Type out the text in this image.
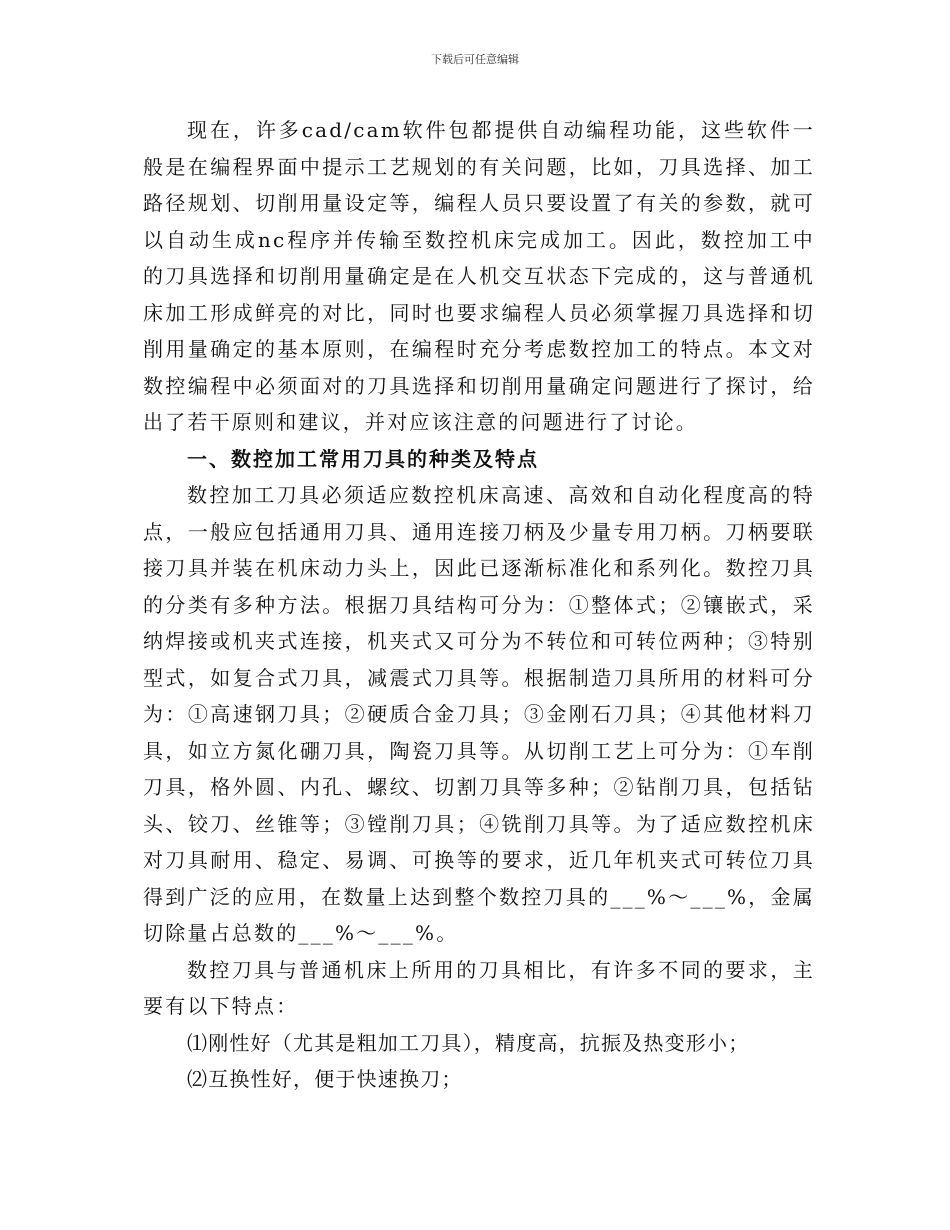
下载后可任意编辑

现在，许多cad/cam软件包都提供自动编程功能，这些软件一般是在编程界面中提示工艺规划的有关问题，比如，刀具选择、加工路径规划、切削用量设定等，编程人员只要设置了有关的参数，就可以自动生成nc程序并传输至数控机床完成加工。因此，数控加工中的刀具选择和切削用量确定是在人机交互状态下完成的，这与普通机床加工形成鲜亮的对比，同时也要求编程人员必须掌握刀具选择和切削用量确定的基本原则，在编程时充分考虑数控加工的特点。本文对数控编程中必须面对的刀具选择和切削用量确定问题进行了探讨，给出了若干原则和建议，并对应该注意的问题进行了讨论。

一、数控加工常用刀具的种类及特点

数控加工刀具必须适应数控机床高速、高效和自动化程度高的特点，一般应包括通用刀具、通用连接刀柄及少量专用刀柄。刀柄要联接刀具并装在机床动力头上，因此已逐渐标准化和系列化。数控刀具的分类有多种方法。根据刀具结构可分为：①整体式；②镶嵌式，采纳焊接或机夹式连接，机夹式又可分为不转位和可转位两种；③特别型式，如复合式刀具，减震式刀具等。根据制造刀具所用的材料可分为：①高速钢刀具；②硬质合金刀具；③金刚石刀具；④其他材料刀具，如立方氮化硼刀具，陶瓷刀具等。从切削工艺上可分为：①车削刀具，格外圆、内孔、螺纹、切割刀具等多种；②钻削刀具，包括钻头、铰刀、丝锥等；③镗削刀具；④铣削刀具等。为了适应数控机床对刀具耐用、稳定、易调、可换等的要求，近几年机夹式可转位刀具得到广泛的应用，在数量上达到整个数控刀具的___%～___%，金属切除量占总数的___%～___%。

数控刀具与普通机床上所用的刀具相比，有许多不同的要求，主要有以下特点：

⑴刚性好（尤其是粗加工刀具），精度高，抗振及热变形小；

⑵互换性好，便于快速换刀；
